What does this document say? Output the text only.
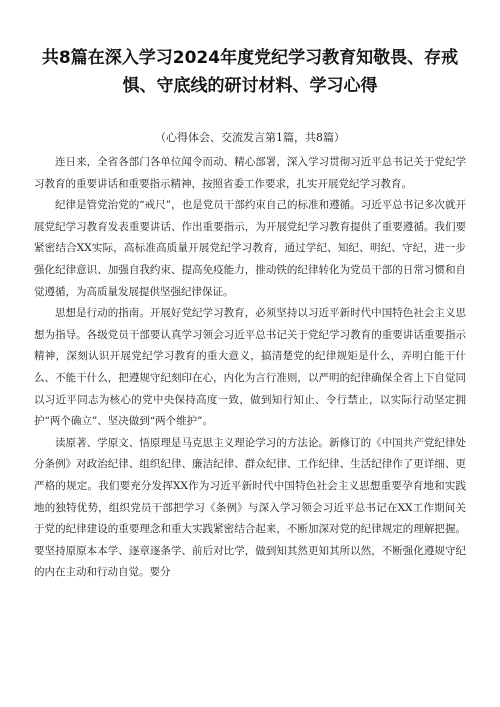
共8篇在深入学习2024年度党纪学习教育知敬畏、存戒惧、守底线的研讨材料、学习心得
（心得体会、交流发言第1篇，共8篇）

连日来，全省各部门各单位闻令而动、精心部署，深入学习贯彻习近平总书记关于党纪学习教育的重要讲话和重要指示精神，按照省委工作要求，扎实开展党纪学习教育。

纪律是管党治党的“戒尺”，也是党员干部约束自己的标准和遵循。习近平总书记多次就开展党纪学习教育发表重要讲话、作出重要指示，为开展党纪学习教育提供了重要遵循。我们要紧密结合XX实际，高标准高质量开展党纪学习教育，通过学纪、知纪、明纪、守纪，进一步强化纪律意识、加强自我约束、提高免疫能力，推动铁的纪律转化为党员干部的日常习惯和自觉遵循，为高质量发展提供坚强纪律保证。

思想是行动的指南。开展好党纪学习教育，必须坚持以习近平新时代中国特色社会主义思想为指导。各级党员干部要认真学习领会习近平总书记关于党纪学习教育的重要讲话重要指示精神，深刻认识开展党纪学习教育的重大意义，搞清楚党的纪律规矩是什么，弄明白能干什么、不能干什么，把遵规守纪刻印在心，内化为言行准则，以严明的纪律确保全省上下自觉同以习近平同志为核心的党中央保持高度一致，做到知行知止、令行禁止，以实际行动坚定拥护“两个确立”、坚决做到“两个维护”。

读原著、学原文、悟原理是马克思主义理论学习的方法论。新修订的《中国共产党纪律处分条例》对政治纪律、组织纪律、廉洁纪律、群众纪律、工作纪律、生活纪律作了更详细、更严格的规定。我们要充分发挥XX作为习近平新时代中国特色社会主义思想重要孕育地和实践地的独特优势，组织党员干部把学习《条例》与深入学习领会习近平总书记在XX工作期间关于党的纪律建设的重要理念和重大实践紧密结合起来，不断加深对党的纪律规定的理解把握。要坚持原原本本学、逐章逐条学、前后对比学，做到知其然更知其所以然，不断强化遵规守纪的内在主动和行动自觉。要分
